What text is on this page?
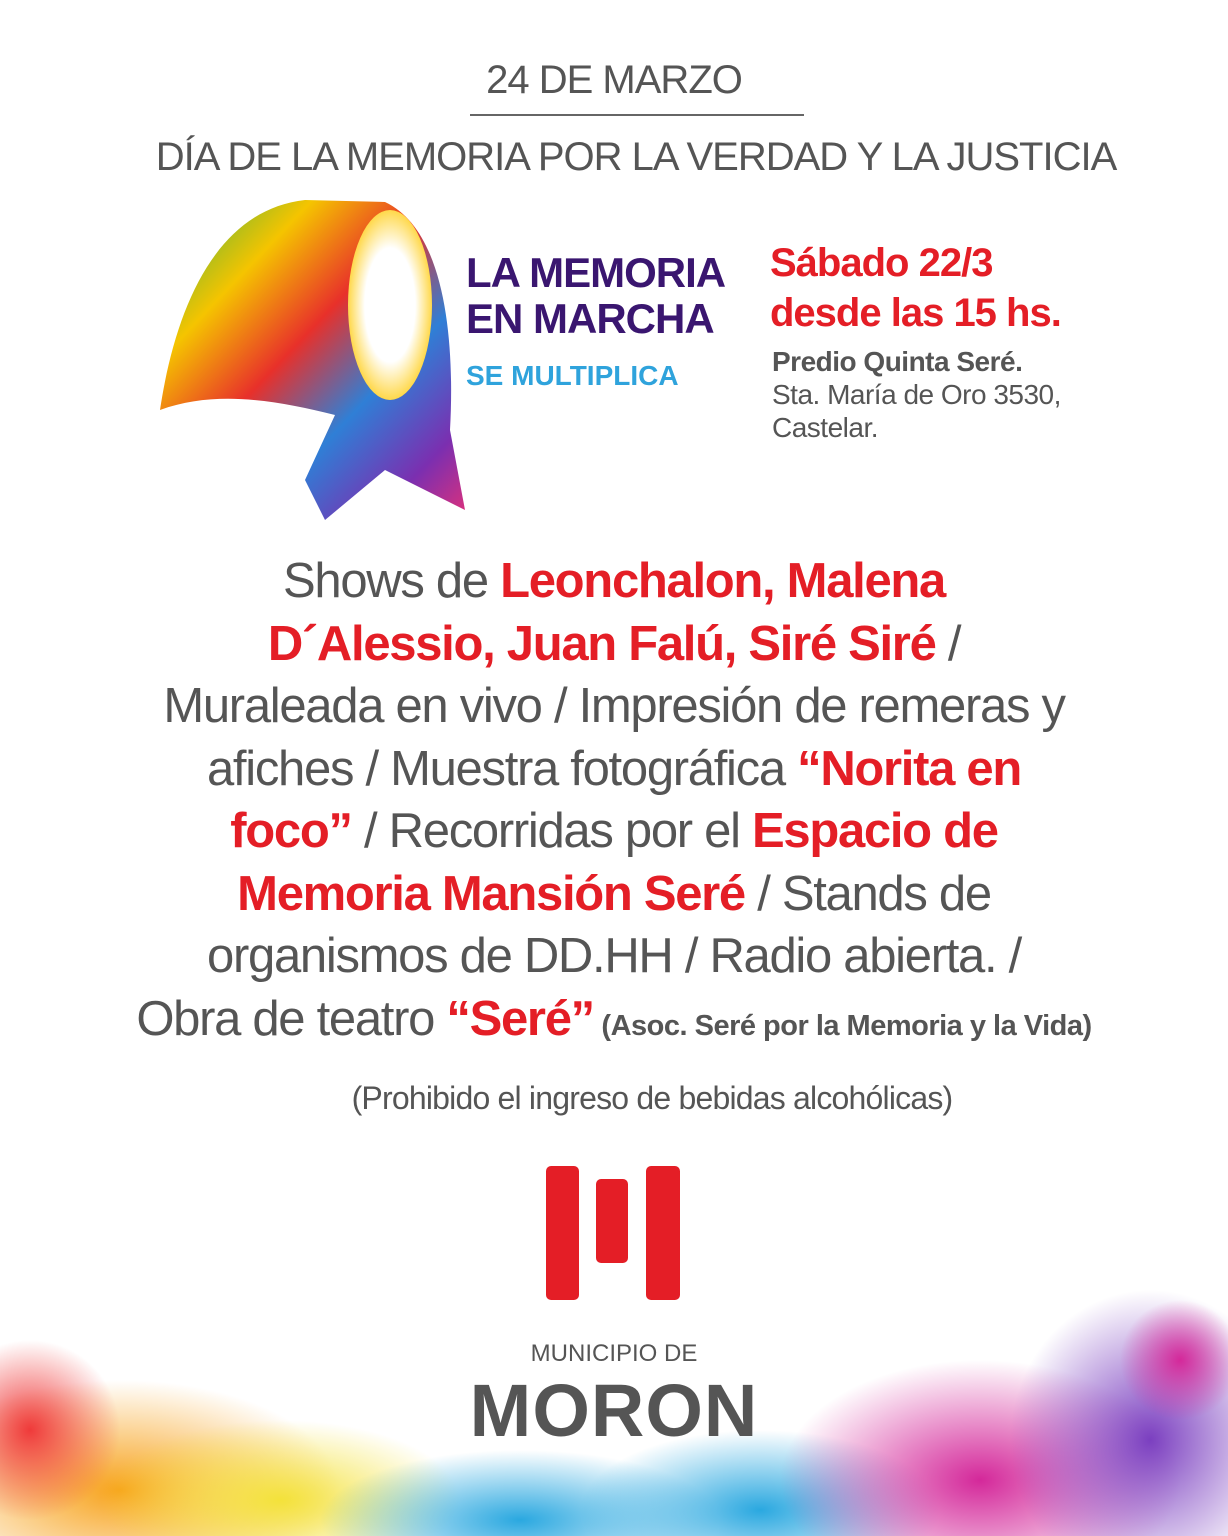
24 DE MARZO
DÍA DE LA MEMORIA POR LA VERDAD Y LA JUSTICIA
LA MEMORIA
EN MARCHA
SE MULTIPLICA
Sábado 22/3
desde las 15 hs.
Predio Quinta Seré.
Sta. María de Oro 3530,
Castelar.
Shows de Leonchalon, Malena
D´Alessio, Juan Falú, Siré Siré /
Muraleada en vivo / Impresión de remeras y
afiches / Muestra fotográfica “Norita en
foco” / Recorridas por el Espacio de
Memoria Mansión Seré / Stands de
organismos de DD.HH / Radio abierta. /
Obra de teatro “Seré” (Asoc. Seré por la Memoria y la Vida)
(Prohibido el ingreso de bebidas alcohólicas)
MUNICIPIO DE
MORON
